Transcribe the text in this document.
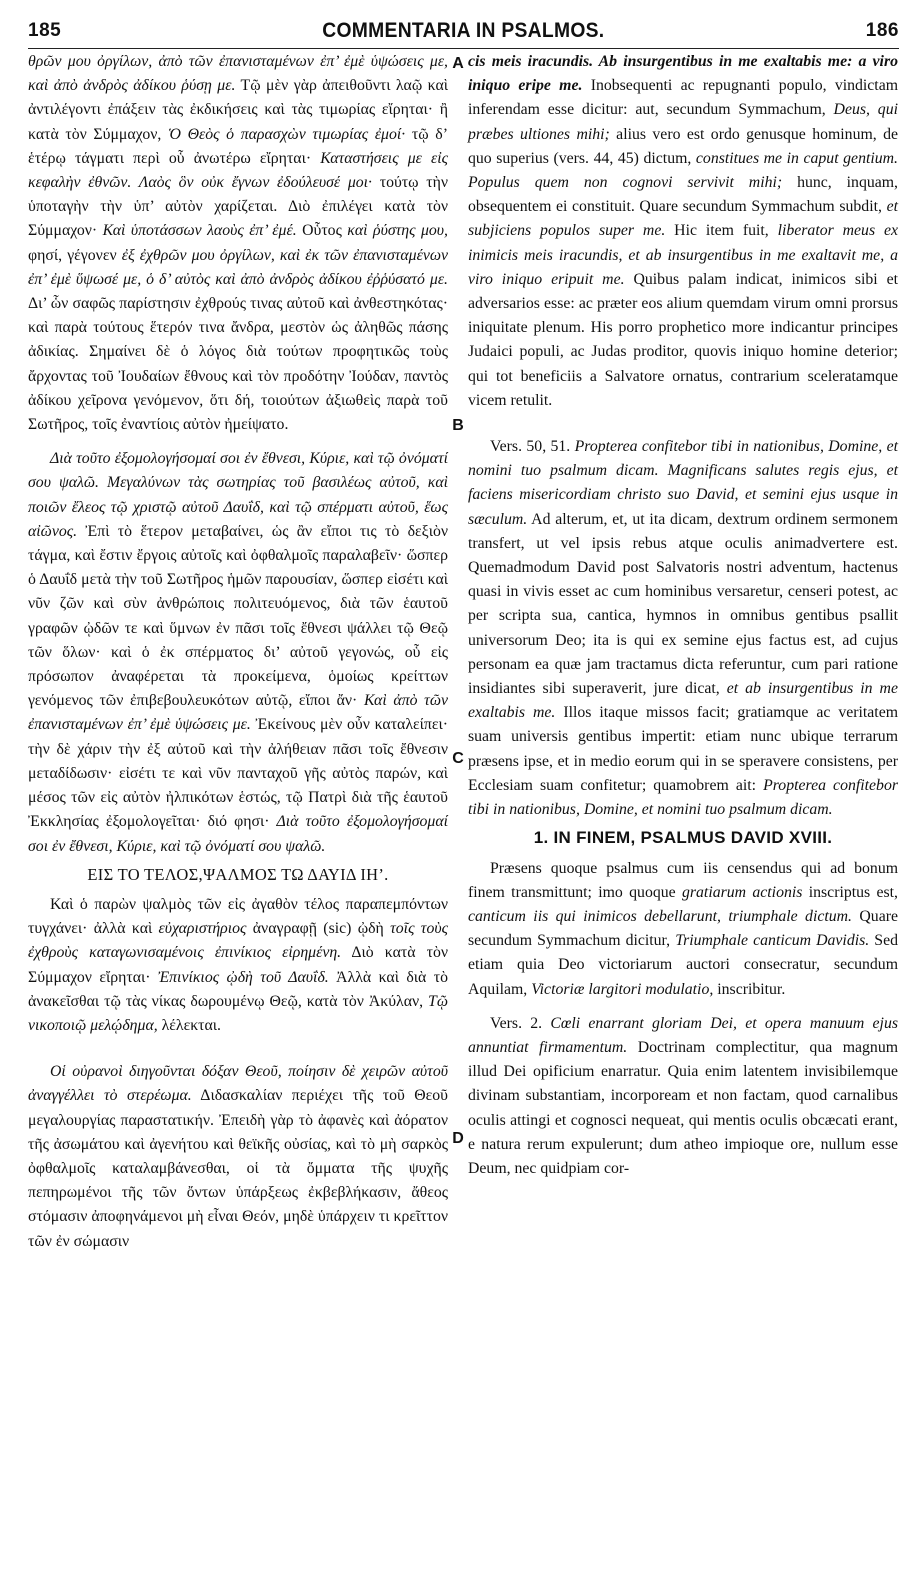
185	COMMENTARIA IN PSALMOS.	186
A
B
C
D

θρῶν μου ὀργίλων, ἀπὸ τῶν ἐπανισταμένων ἐπ’ ἐμὲ ὑψώσεις με, καὶ ἀπὸ ἀνδρὸς ἀδίκου ῥύσῃ με. Τῷ μὲν γὰρ ἀπειθοῦντι λαῷ καὶ ἀντιλέγοντι ἐπάξειν τὰς ἐκδικήσεις καὶ τὰς τιμωρίας εἴρηται· ἢ κατὰ τὸν Σύμμαχον, Ὁ Θεὸς ὁ παρασχὼν τιμωρίας ἐμοί· τῷ δ’ ἑτέρῳ τάγματι περὶ οὗ ἀνωτέρω εἴρηται· Καταστήσεις με εἰς κεφαλὴν ἐθνῶν. Λαὸς ὃν οὐκ ἔγνων ἐδούλευσέ μοι· τούτῳ τὴν ὑποταγὴν τὴν ὑπ’ αὐτὸν χαρίζεται. Διὸ ἐπιλέγει κατὰ τὸν Σύμμαχον· Καὶ ὑποτάσσων λαοὺς ἐπ’ ἐμέ. Οὗτος καὶ ῥύστης μου, φησί, γέγονεν ἐξ ἐχθρῶν μου ὀργίλων, καὶ ἐκ τῶν ἐπανισταμένων ἐπ’ ἐμὲ ὕψωσέ με, ὁ δ’ αὐτὸς καὶ ἀπὸ ἀνδρὸς ἀδίκου ἐῤῥύσατό με. Δι’ ὧν σαφῶς παρίστησιν ἐχθρούς τινας αὐτοῦ καὶ ἀνθεστηκότας· καὶ παρὰ τούτους ἕτερόν τινα ἄνδρα, μεστὸν ὡς ἀληθῶς πάσης ἀδικίας. Σημαίνει δὲ ὁ λόγος διὰ τούτων προφητικῶς τοὺς ἄρχοντας τοῦ Ἰουδαίων ἔθνους καὶ τὸν προδότην Ἰούδαν, παντὸς ἀδίκου χεῖρονα γενόμενον, ὅτι δή, τοιούτων ἀξιωθεὶς παρὰ τοῦ Σωτῆρος, τοῖς ἐναντίοις αὐτὸν ἠμείψατο.

Διὰ τοῦτο ἐξομολογήσομαί σοι ἐν ἔθνεσι, Κύριε, καὶ τῷ ὀνόματί σου ψαλῶ. Μεγαλύνων τὰς σωτηρίας τοῦ βασιλέως αὐτοῦ, καὶ ποιῶν ἔλεος τῷ χριστῷ αὐτοῦ Δαυΐδ, καὶ τῷ σπέρματι αὐτοῦ, ἕως αἰῶνος. Ἐπὶ τὸ ἕτερον μεταβαίνει, ὡς ἂν εἴποι τις τὸ δεξιὸν τάγμα, καὶ ἔστιν ἔργοις αὐτοῖς καὶ ὀφθαλμοῖς παραλαβεῖν· ὥσπερ ὁ Δαυΐδ μετὰ τὴν τοῦ Σωτῆρος ἡμῶν παρουσίαν, ὥσπερ εἰσέτι καὶ νῦν ζῶν καὶ σὺν ἀνθρώποις πολιτευόμενος, διὰ τῶν ἑαυτοῦ γραφῶν ᾠδῶν τε καὶ ὕμνων ἐν πᾶσι τοῖς ἔθνεσι ψάλλει τῷ Θεῷ τῶν ὅλων· καὶ ὁ ἐκ σπέρματος δι’ αὐτοῦ γεγονώς, οὗ εἰς πρόσωπον ἀναφέρεται τὰ προκείμενα, ὁμοίως κρείττων γενόμενος τῶν ἐπιβεβουλευκότων αὐτῷ, εἴποι ἄν· Καὶ ἀπὸ τῶν ἐπανισταμένων ἐπ’ ἐμὲ ὑψώσεις με. Ἐκείνους μὲν οὖν καταλείπει· τὴν δὲ χάριν τὴν ἐξ αὐτοῦ καὶ τὴν ἀλήθειαν πᾶσι τοῖς ἔθνεσιν μεταδίδωσιν· εἰσέτι τε καὶ νῦν πανταχοῦ γῆς αὐτὸς παρών, καὶ μέσος τῶν εἰς αὐτὸν ἠλπικότων ἑστώς, τῷ Πατρὶ διὰ τῆς ἑαυτοῦ Ἐκκλησίας ἐξομολογεῖται· διό φησι· Διὰ τοῦτο ἐξομολογήσομαί σοι ἐν ἔθνεσι, Κύριε, καὶ τῷ ὀνόματί σου ψαλῶ.

ΕΙΣ ΤΟ ΤΕΛΟΣ,ΨΑΛΜΟΣ ΤΩ ΔΑΥΙΔ ΙΗ’.

Καὶ ὁ παρὼν ψαλμὸς τῶν εἰς ἀγαθὸν τέλος παραπεμπόντων τυγχάνει· ἀλλὰ καὶ εὐχαριστήριος ἀναγραφῇ (sic) ᾠδὴ τοῖς τοὺς ἐχθροὺς καταγωνισαμένοις ἐπινίκιος εἰρημένη. Διὸ κατὰ τὸν Σύμμαχον εἴρηται· Ἐπινίκιος ᾠδὴ τοῦ Δαυΐδ. Ἀλλὰ καὶ διὰ τὸ ἀνακεῖσθαι τῷ τὰς νίκας δωρουμένῳ Θεῷ, κατὰ τὸν Ἀκύλαν, Τῷ νικοποιῷ μελῴδημα, λέλεκται.

Οἱ οὐρανοὶ διηγοῦνται δόξαν Θεοῦ, ποίησιν δὲ χειρῶν αὐτοῦ ἀναγγέλλει τὸ στερέωμα. Διδασκαλίαν περιέχει τῆς τοῦ Θεοῦ μεγαλουργίας παραστατικήν. Ἐπειδὴ γὰρ τὸ ἀφανὲς καὶ ἀόρατον τῆς ἀσωμάτου καὶ ἀγενήτου καὶ θεϊκῆς οὐσίας, καὶ τὸ μὴ σαρκὸς ὀφθαλμοῖς καταλαμβάνεσθαι, οἱ τὰ ὄμματα τῆς ψυχῆς πεπηρωμένοι τῆς τῶν ὄντων ὑπάρξεως ἐκβεβλήκασιν, ἄθεος στόμασιν ἀποφηνάμενοι μὴ εἶναι Θεόν, μηδὲ ὑπάρχειν τι κρεῖττον τῶν ἐν σώμασιν

cis meis iracundis. Ab insurgentibus in me exaltabis me: a viro iniquo eripe me. Inobsequenti ac repugnanti populo, vindictam inferendam esse dicitur: aut, secundum Symmachum, Deus, qui præbes ultiones mihi; alius vero est ordo genusque hominum, de quo superius (vers. 44, 45) dictum, constitues me in caput gentium. Populus quem non cognovi servivit mihi; hunc, inquam, obsequentem ei constituit. Quare secundum Symmachum subdit, et subjiciens populos super me. Hic item fuit, liberator meus ex inimicis meis iracundis, et ab insurgentibus in me exaltavit me, a viro iniquo eripuit me. Quibus palam indicat, inimicos sibi et adversarios esse: ac præter eos alium quemdam virum omni prorsus iniquitate plenum. His porro prophetico more indicantur principes Judaici populi, ac Judas proditor, quovis iniquo homine deterior; qui tot beneficiis a Salvatore ornatus, contrarium sceleratamque vicem retulit.

Vers. 50, 51. Propterea confitebor tibi in nationibus, Domine, et nomini tuo psalmum dicam. Magnificans salutes regis ejus, et faciens misericordiam christo suo David, et semini ejus usque in sæculum. Ad alterum, et, ut ita dicam, dextrum ordinem sermonem transfert, ut vel ipsis rebus atque oculis animadvertere est. Quemadmodum David post Salvatoris nostri adventum, hactenus quasi in vivis esset ac cum hominibus versaretur, censeri potest, ac per scripta sua, cantica, hymnos in omnibus gentibus psallit universorum Deo; ita is qui ex semine ejus factus est, ad cujus personam ea quæ jam tractamus dicta referuntur, cum pari ratione insidiantes sibi superaverit, jure dicat, et ab insurgentibus in me exaltabis me. Illos itaque missos facit; gratiamque ac veritatem suam universis gentibus impertit: etiam nunc ubique terrarum præsens ipse, et in medio eorum qui in se speravere consistens, per Ecclesiam suam confitetur; quamobrem ait: Propterea confitebor tibi in nationibus, Domine, et nomini tuo psalmum dicam.

1. IN FINEM, PSALMUS DAVID XVIII.

Præsens quoque psalmus cum iis censendus qui ad bonum finem transmittunt; imo quoque gratiarum actionis inscriptus est, canticum iis qui inimicos debellarunt, triumphale dictum. Quare secundum Symmachum dicitur, Triumphale canticum Davidis. Sed etiam quia Deo victoriarum auctori consecratur, secundum Aquilam, Victoriæ largitori modulatio, inscribitur.

Vers. 2. Cœli enarrant gloriam Dei, et opera manuum ejus annuntiat firmamentum. Doctrinam complectitur, qua magnum illud Dei opificium enarratur. Quia enim latentem invisibilemque divinam substantiam, incorpoream et non factam, quod carnalibus oculis attingi et cognosci nequeat, qui mentis oculis obcæcati erant, e natura rerum expulerunt; dum atheo impioque ore, nullum esse Deum, nec quidpiam cor-
